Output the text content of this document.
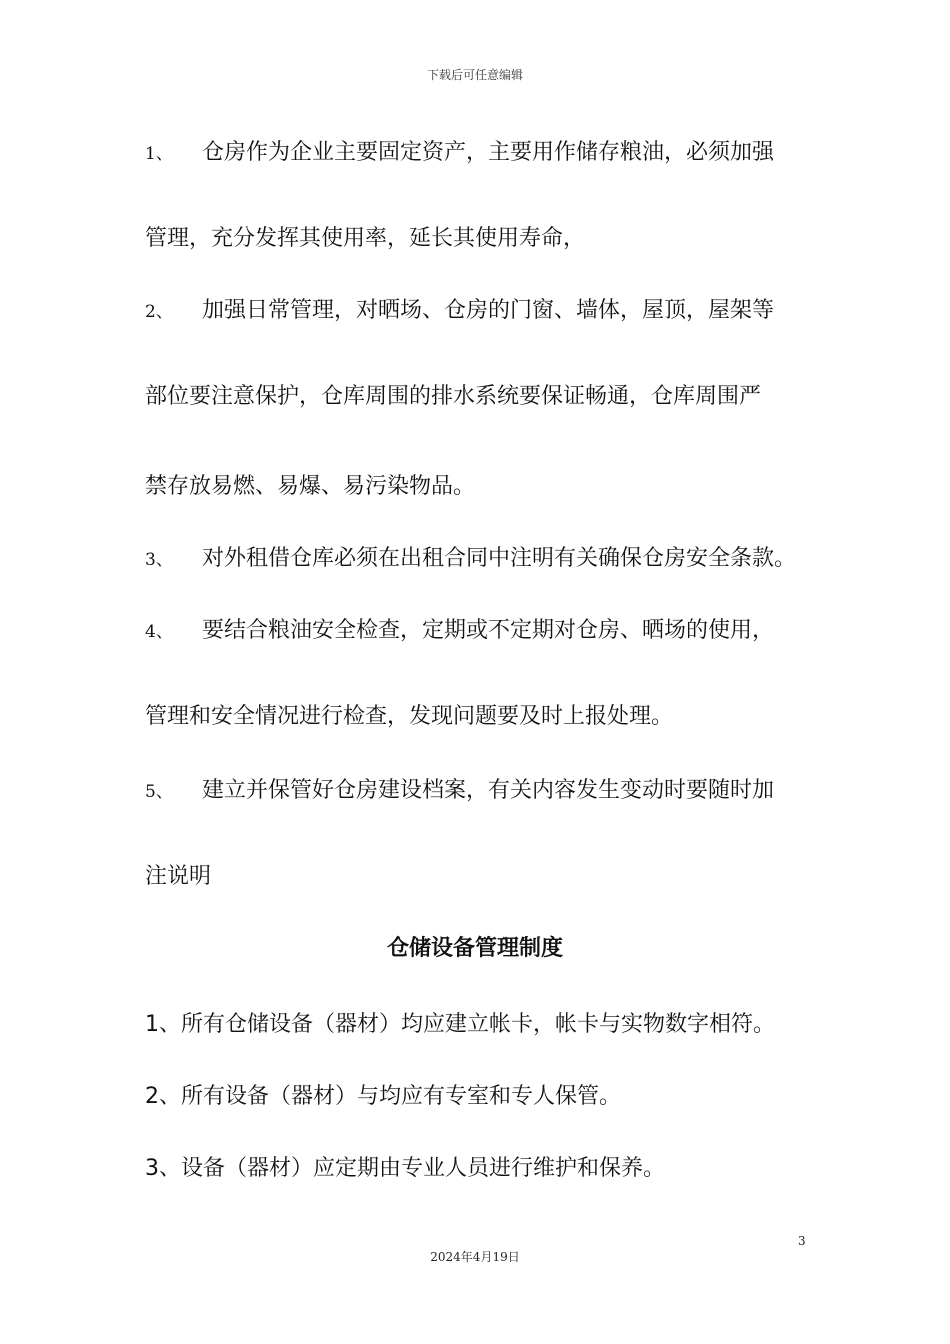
下载后可任意编辑
1、 仓房作为企业主要固定资产，主要用作储存粮油，必须加强
管理，充分发挥其使用率，延长其使用寿命，
2、 加强日常管理，对晒场、仓房的门窗、墙体，屋顶，屋架等
部位要注意保护，仓库周围的排水系统要保证畅通，仓库周围严
禁存放易燃、易爆、易污染物品。
3、 对外租借仓库必须在出租合同中注明有关确保仓房安全条款。
4、 要结合粮油安全检查，定期或不定期对仓房、晒场的使用，
管理和安全情况进行检查，发现问题要及时上报处理。
5、 建立并保管好仓房建设档案，有关内容发生变动时要随时加
注说明
仓储设备管理制度
1、所有仓储设备（器材）均应建立帐卡，帐卡与实物数字相符。
2、所有设备（器材）与均应有专室和专人保管。
3、设备（器材）应定期由专业人员进行维护和保养。
3
2024年4月19日
